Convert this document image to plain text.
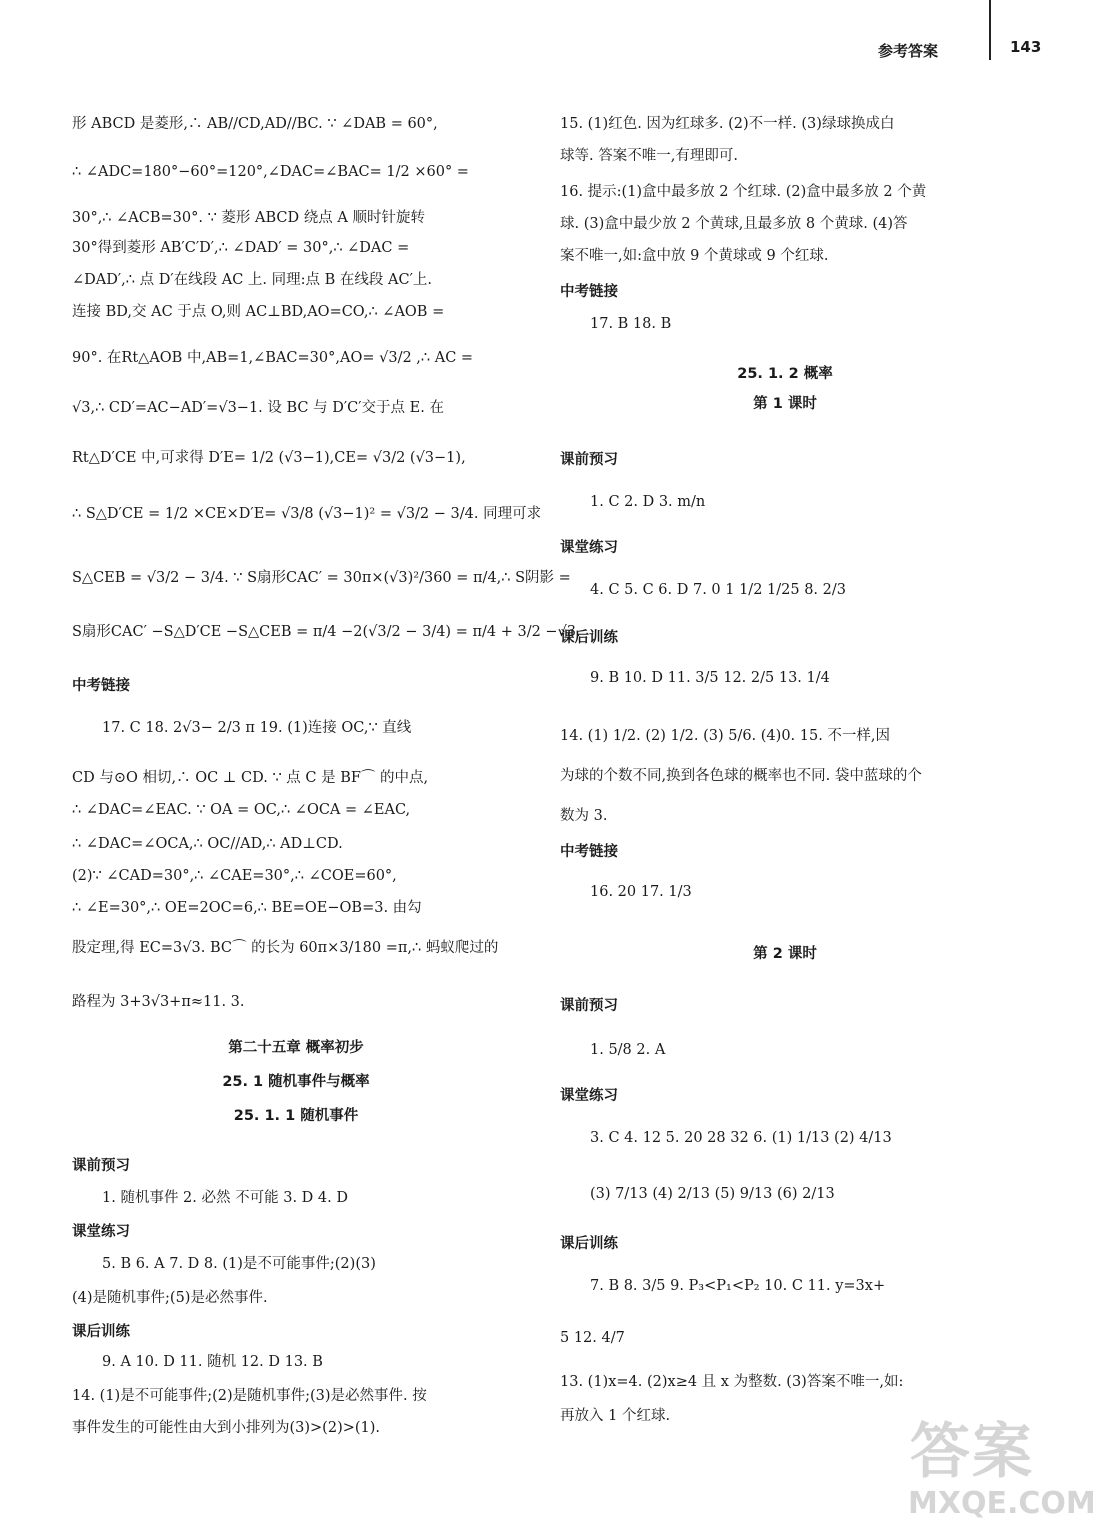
参考答案	143

形 ABCD 是菱形,∴ AB//CD,AD//BC. ∵ ∠DAB = 60°,

∴ ∠ADC=180°−60°=120°,∠DAC=∠BAC= 1/2 ×60° =

30°,∴ ∠ACB=30°. ∵ 菱形 ABCD 绕点 A 顺时针旋转

30°得到菱形 AB′C′D′,∴ ∠DAD′ = 30°,∴ ∠DAC =

∠DAD′,∴ 点 D′在线段 AC 上. 同理:点 B 在线段 AC′上.

连接 BD,交 AC 于点 O,则 AC⊥BD,AO=CO,∴ ∠AOB =

90°. 在Rt△AOB 中,AB=1,∠BAC=30°,AO= √3/2 ,∴ AC =

√3,∴ CD′=AC−AD′=√3−1. 设 BC 与 D′C′交于点 E. 在

Rt△D′CE 中,可求得 D′E= 1/2 (√3−1),CE= √3/2 (√3−1),

∴ S△D′CE = 1/2 ×CE×D′E= √3/8 (√3−1)² = √3/2 − 3/4. 同理可求

S△CEB = √3/2 − 3/4. ∵ S扇形CAC′ = 30π×(√3)²/360 = π/4,∴ S阴影 =

S扇形CAC′ −S△D′CE −S△CEB = π/4 −2(√3/2 − 3/4) = π/4 + 3/2 −√3.

中考链接

17. C 18. 2√3− 2/3 π 19. (1)连接 OC,∵ 直线

CD 与⊙O 相切,∴ OC ⊥ CD. ∵ 点 C 是 BF⌒ 的中点,

∴ ∠DAC=∠EAC. ∵ OA = OC,∴ ∠OCA = ∠EAC,

∴ ∠DAC=∠OCA,∴ OC//AD,∴ AD⊥CD.

(2)∵ ∠CAD=30°,∴ ∠CAE=30°,∴ ∠COE=60°,

∴ ∠E=30°,∴ OE=2OC=6,∴ BE=OE−OB=3. 由勾

股定理,得 EC=3√3. BC⌒ 的长为 60π×3/180 =π,∴ 蚂蚁爬过的

路程为 3+3√3+π≈11. 3.

第二十五章 概率初步

25. 1 随机事件与概率

25. 1. 1 随机事件

课前预习

1. 随机事件 2. 必然 不可能 3. D 4. D

课堂练习

5. B 6. A 7. D 8. (1)是不可能事件;(2)(3)

(4)是随机事件;(5)是必然事件.

课后训练

9. A 10. D 11. 随机 12. D 13. B

14. (1)是不可能事件;(2)是随机事件;(3)是必然事件. 按

事件发生的可能性由大到小排列为(3)>(2)>(1).

15. (1)红色. 因为红球多. (2)不一样. (3)绿球换成白

球等. 答案不唯一,有理即可.

16. 提示:(1)盒中最多放 2 个红球. (2)盒中最多放 2 个黄

球. (3)盒中最少放 2 个黄球,且最多放 8 个黄球. (4)答

案不唯一,如:盒中放 9 个黄球或 9 个红球.

中考链接

17. B 18. B

25. 1. 2 概率

第 1 课时

课前预习

1. C 2. D 3. m/n

课堂练习

4. C 5. C 6. D 7. 0 1 1/2 1/25 8. 2/3

课后训练

9. B 10. D 11. 3/5 12. 2/5 13. 1/4

14. (1) 1/2. (2) 1/2. (3) 5/6. (4)0. 15. 不一样,因

为球的个数不同,换到各色球的概率也不同. 袋中蓝球的个

数为 3.

中考链接

16. 20 17. 1/3

第 2 课时

课前预习

1. 5/8 2. A

课堂练习

3. C 4. 12 5. 20 28 32 6. (1) 1/13 (2) 4/13

(3) 7/13 (4) 2/13 (5) 9/13 (6) 2/13

课后训练

7. B 8. 3/5 9. P₃<P₁<P₂ 10. C 11. y=3x+

5 12. 4/7

13. (1)x=4. (2)x≥4 且 x 为整数. (3)答案不唯一,如:

再放入 1 个红球.

答案
MXQE.COM
